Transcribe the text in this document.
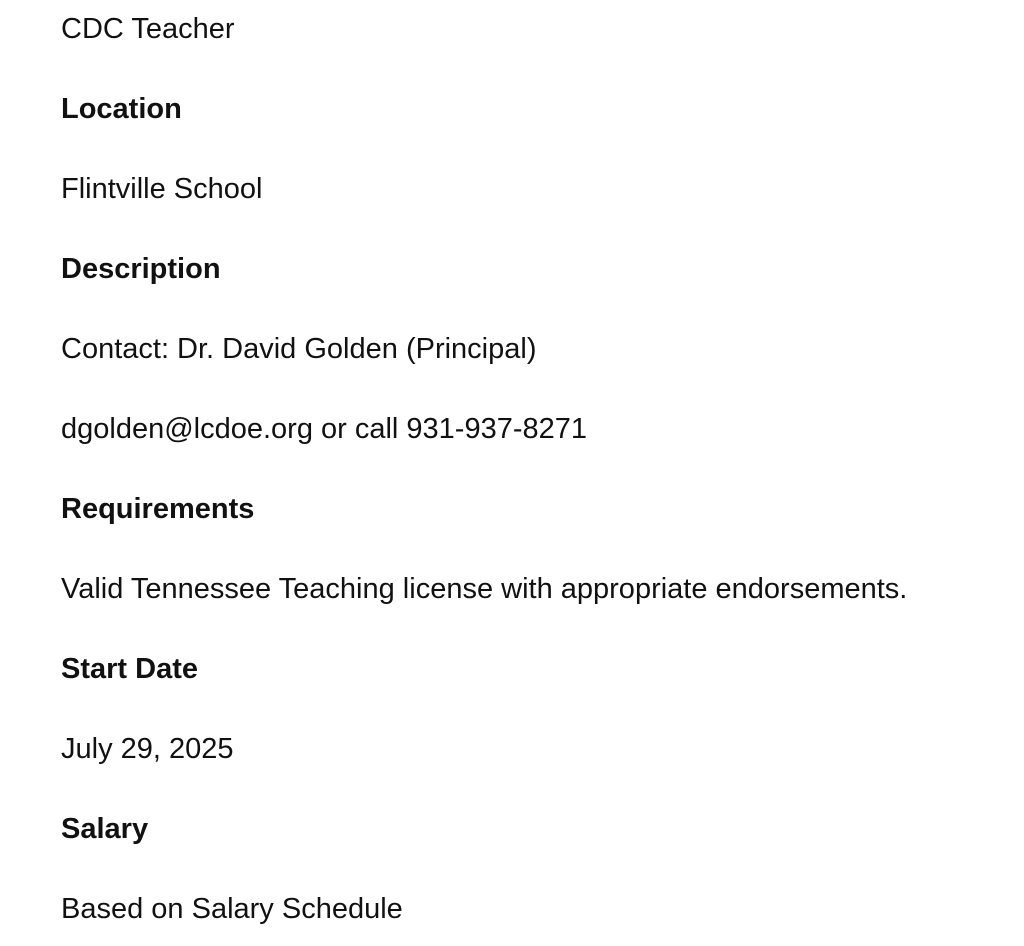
CDC Teacher
Location
Flintville School
Description
Contact: Dr. David Golden (Principal)
dgolden@lcdoe.org or call 931-937-8271
Requirements
Valid Tennessee Teaching license with appropriate endorsements.
Start Date
July 29, 2025
Salary
Based on Salary Schedule
